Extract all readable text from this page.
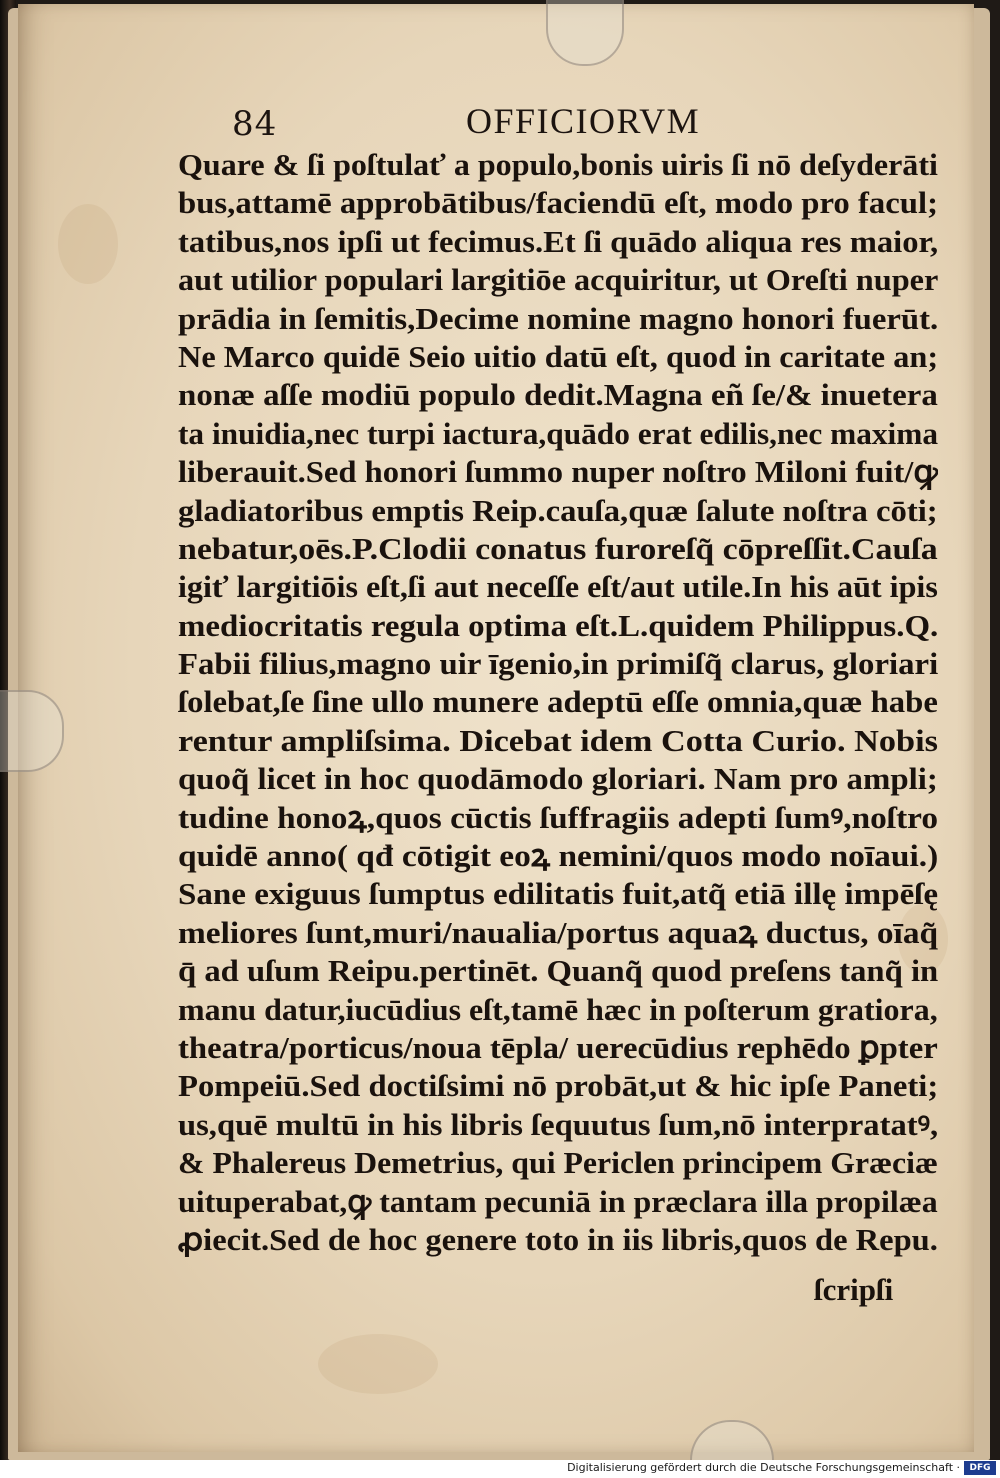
84	OFFICIORVM
Quare & ſi poſtulať a populo,bonis uiris ſi nō deſyderāti
bus,attamē approbātibus/faciendū eſt, modo pro facul;
tatibus,nos ipſi ut fecimus.Et ſi quādo aliqua res maior,
aut utilior populari largitiōe acquiritur, ut Oreſti nuper
prādia in ſemitis,Decime nomine magno honori fuerūt.
Ne Marco quidē Seio uitio datū eſt, quod in caritate an;
nonæ aſſe modiū populo dedit.Magna eñ ſe/& inuetera
ta inuidia,nec turpi iactura,quādo erat edilis,nec maxima
liberauit.Sed honori ſummo nuper noſtro Miloni fuit/ꝙ
gladiatoribus emptis Reip.cauſa,quæ ſalute noſtra cōti;
nebatur,oēs.P.Clodii conatus furoreſq̃ cōpreſſit.Cauſa
igiť largitiōis eſt,ſi aut neceſſe eſt/aut utile.In his aūt ipis
mediocritatis regula optima eſt.L.quidem Philippus.Q.
Fabii filius,magno uir īgenio,in primiſq̃ clarus, gloriari
ſolebat,ſe ſine ullo munere adeptū eſſe omnia,quæ habe
rentur ampliſsima. Dicebat idem Cotta Curio. Nobis
quoq̃ licet in hoc quodāmodo gloriari. Nam pro ampli;
tudine honoꝝ,quos cūctis ſuffragiis adepti ſumꝰ,noſtro
quidē anno( qđ cōtigit eoꝝ nemini/quos modo noīaui.)
Sane exiguus ſumptus edilitatis fuit,atq̃ etiā illę impēſę
meliores ſunt,muri/naualia/portus aquaꝝ ductus, oīaq̃
q̄ ad uſum Reipu.pertinēt. Quanq̃ quod preſens tanq̃ in
manu datur,iucūdius eſt,tamē hæc in poſterum gratiora,
theatra/porticus/noua tēpla/ uerecūdius rephēdo ꝑpter
Pompeiū.Sed doctiſsimi nō probāt,ut & hic ipſe Paneti;
us,quē multū in his libris ſequutus ſum,nō interpratatꝰ,
& Phalereus Demetrius, qui Periclen principem Græciæ
uituperabat,ꝙ tantam pecuniā in præclara illa propilæa
ꝓiecit.Sed de hoc genere toto in iis libris,quos de Repu.
ſcripſi
Digitalisierung gefördert durch die Deutsche Forschungsgemeinschaft ·	DFG
